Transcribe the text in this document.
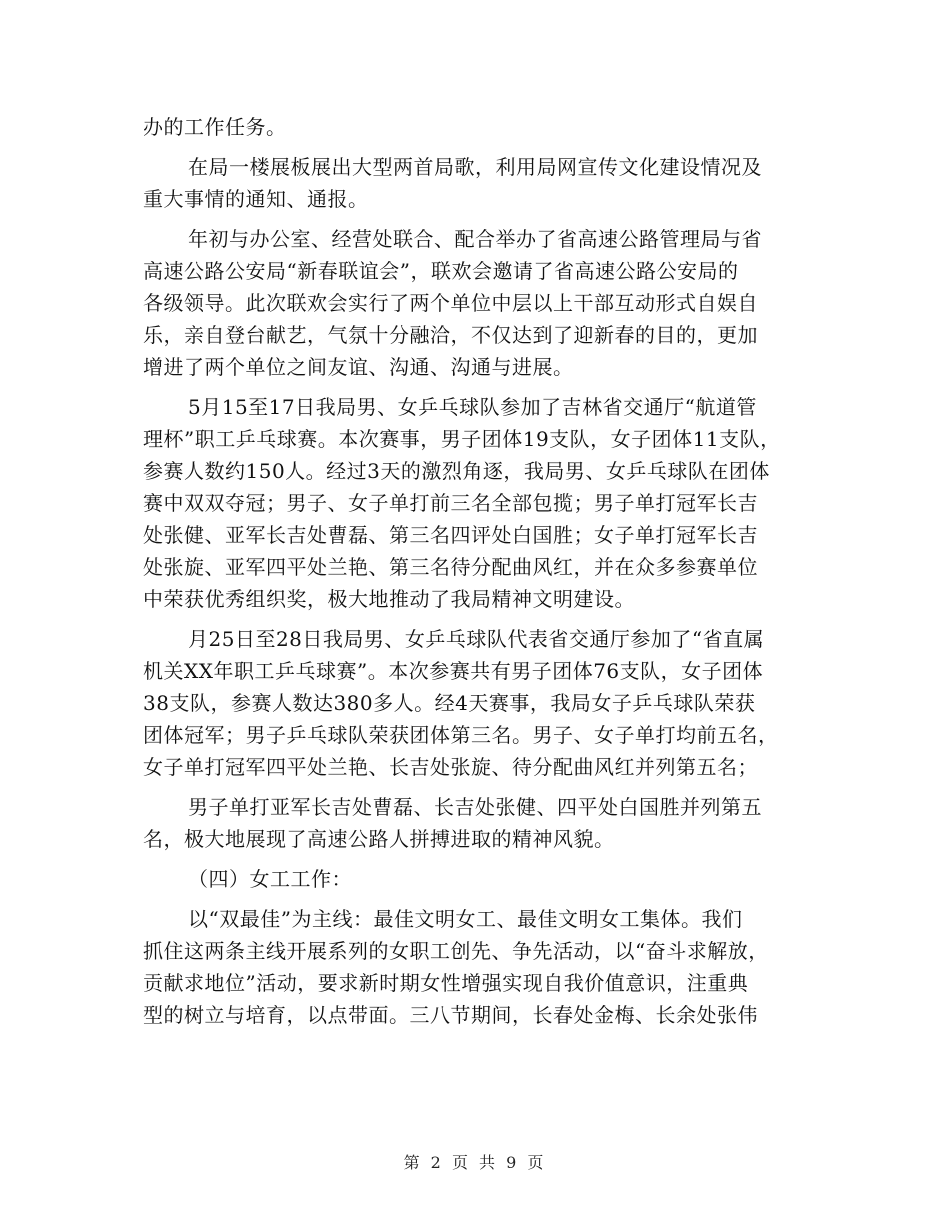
办的工作任务。
在局一楼展板展出大型两首局歌，利用局网宣传文化建设情况及
重大事情的通知、通报。
年初与办公室、经营处联合、配合举办了省高速公路管理局与省
高速公路公安局“新春联谊会”，联欢会邀请了省高速公路公安局的
各级领导。此次联欢会实行了两个单位中层以上干部互动形式自娱自
乐，亲自登台献艺，气氛十分融洽，不仅达到了迎新春的目的，更加
增进了两个单位之间友谊、沟通、沟通与进展。
5月15至17日我局男、女乒乓球队参加了吉林省交通厅“航道管
理杯”职工乒乓球赛。本次赛事，男子团体19支队，女子团体11支队，
参赛人数约150人。经过3天的激烈角逐，我局男、女乒乓球队在团体
赛中双双夺冠；男子、女子单打前三名全部包揽；男子单打冠军长吉
处张健、亚军长吉处曹磊、第三名四评处白国胜；女子单打冠军长吉
处张旋、亚军四平处兰艳、第三名待分配曲风红，并在众多参赛单位
中荣获优秀组织奖，极大地推动了我局精神文明建设。
月25日至28日我局男、女乒乓球队代表省交通厅参加了“省直属
机关XX年职工乒乓球赛”。本次参赛共有男子团体76支队，女子团体
38支队，参赛人数达380多人。经4天赛事，我局女子乒乓球队荣获
团体冠军；男子乒乓球队荣获团体第三名。男子、女子单打均前五名，
女子单打冠军四平处兰艳、长吉处张旋、待分配曲风红并列第五名；
男子单打亚军长吉处曹磊、长吉处张健、四平处白国胜并列第五
名，极大地展现了高速公路人拼搏进取的精神风貌。
（四）女工工作：
以“双最佳”为主线：最佳文明女工、最佳文明女工集体。我们
抓住这两条主线开展系列的女职工创先、争先活动，以“奋斗求解放，
贡献求地位”活动，要求新时期女性增强实现自我价值意识，注重典
型的树立与培育，以点带面。三八节期间，长春处金梅、长余处张伟
第 2 页 共 9 页
